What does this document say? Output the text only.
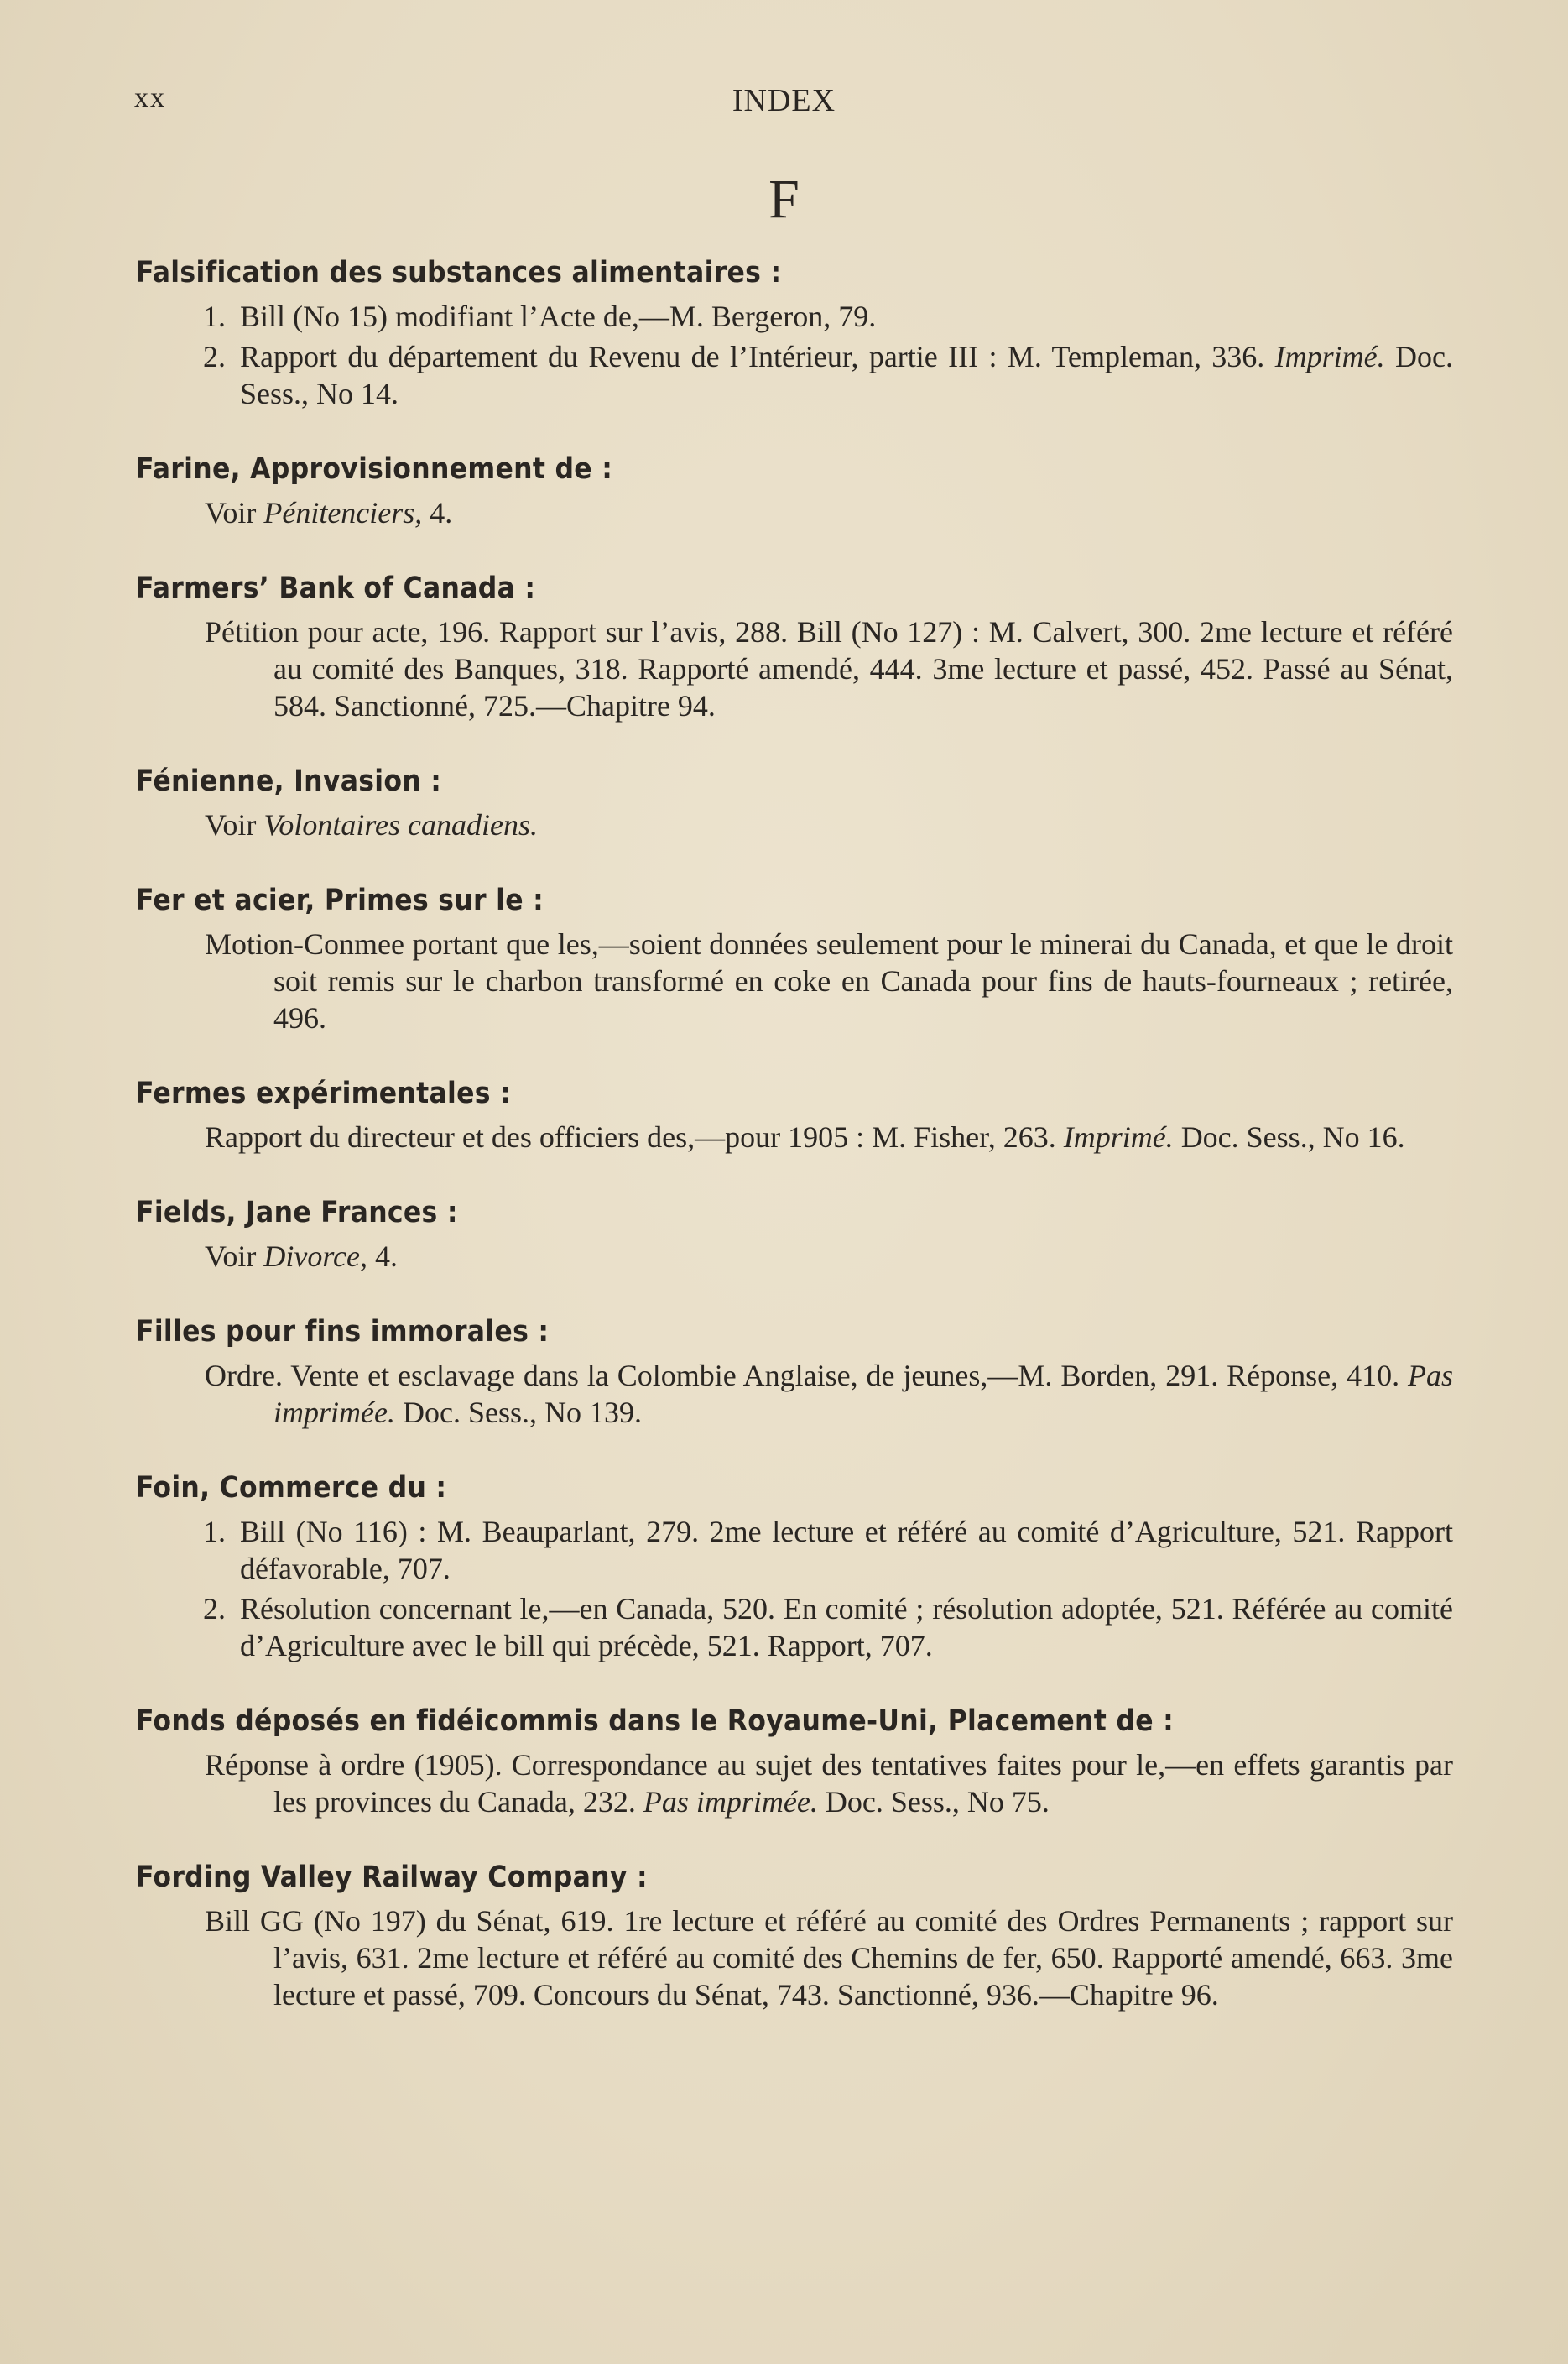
xx	INDEX
F
Falsification des substances alimentaires :
1. Bill (No 15) modifiant l’Acte de,—M. Bergeron, 79.
2. Rapport du département du Revenu de l’Intérieur, partie III : M. Templeman, 336. Imprimé. Doc. Sess., No 14.
Farine, Approvisionnement de :
Voir Pénitenciers, 4.
Farmers’ Bank of Canada :
Pétition pour acte, 196. Rapport sur l’avis, 288. Bill (No 127) : M. Calvert, 300. 2me lecture et référé au comité des Banques, 318. Rapporté amendé, 444. 3me lecture et passé, 452. Passé au Sénat, 584. Sanctionné, 725.—Chapitre 94.
Fénienne, Invasion :
Voir Volontaires canadiens.
Fer et acier, Primes sur le :
Motion-Conmee portant que les,—soient données seulement pour le minerai du Canada, et que le droit soit remis sur le charbon transformé en coke en Canada pour fins de hauts-fourneaux ; retirée, 496.
Fermes expérimentales :
Rapport du directeur et des officiers des,—pour 1905 : M. Fisher, 263. Imprimé. Doc. Sess., No 16.
Fields, Jane Frances :
Voir Divorce, 4.
Filles pour fins immorales :
Ordre. Vente et esclavage dans la Colombie Anglaise, de jeunes,—M. Borden, 291. Réponse, 410. Pas imprimée. Doc. Sess., No 139.
Foin, Commerce du :
1. Bill (No 116) : M. Beauparlant, 279. 2me lecture et référé au comité d’Agriculture, 521. Rapport défavorable, 707.
2. Résolution concernant le,—en Canada, 520. En comité ; résolution adoptée, 521. Référée au comité d’Agriculture avec le bill qui précède, 521. Rapport, 707.
Fonds déposés en fidéicommis dans le Royaume-Uni, Placement de :
Réponse à ordre (1905). Correspondance au sujet des tentatives faites pour le,—en effets garantis par les provinces du Canada, 232. Pas imprimée. Doc. Sess., No 75.
Fording Valley Railway Company :
Bill GG (No 197) du Sénat, 619. 1re lecture et référé au comité des Ordres Permanents ; rapport sur l’avis, 631. 2me lecture et référé au comité des Chemins de fer, 650. Rapporté amendé, 663. 3me lecture et passé, 709. Concours du Sénat, 743. Sanctionné, 936.—Chapitre 96.
